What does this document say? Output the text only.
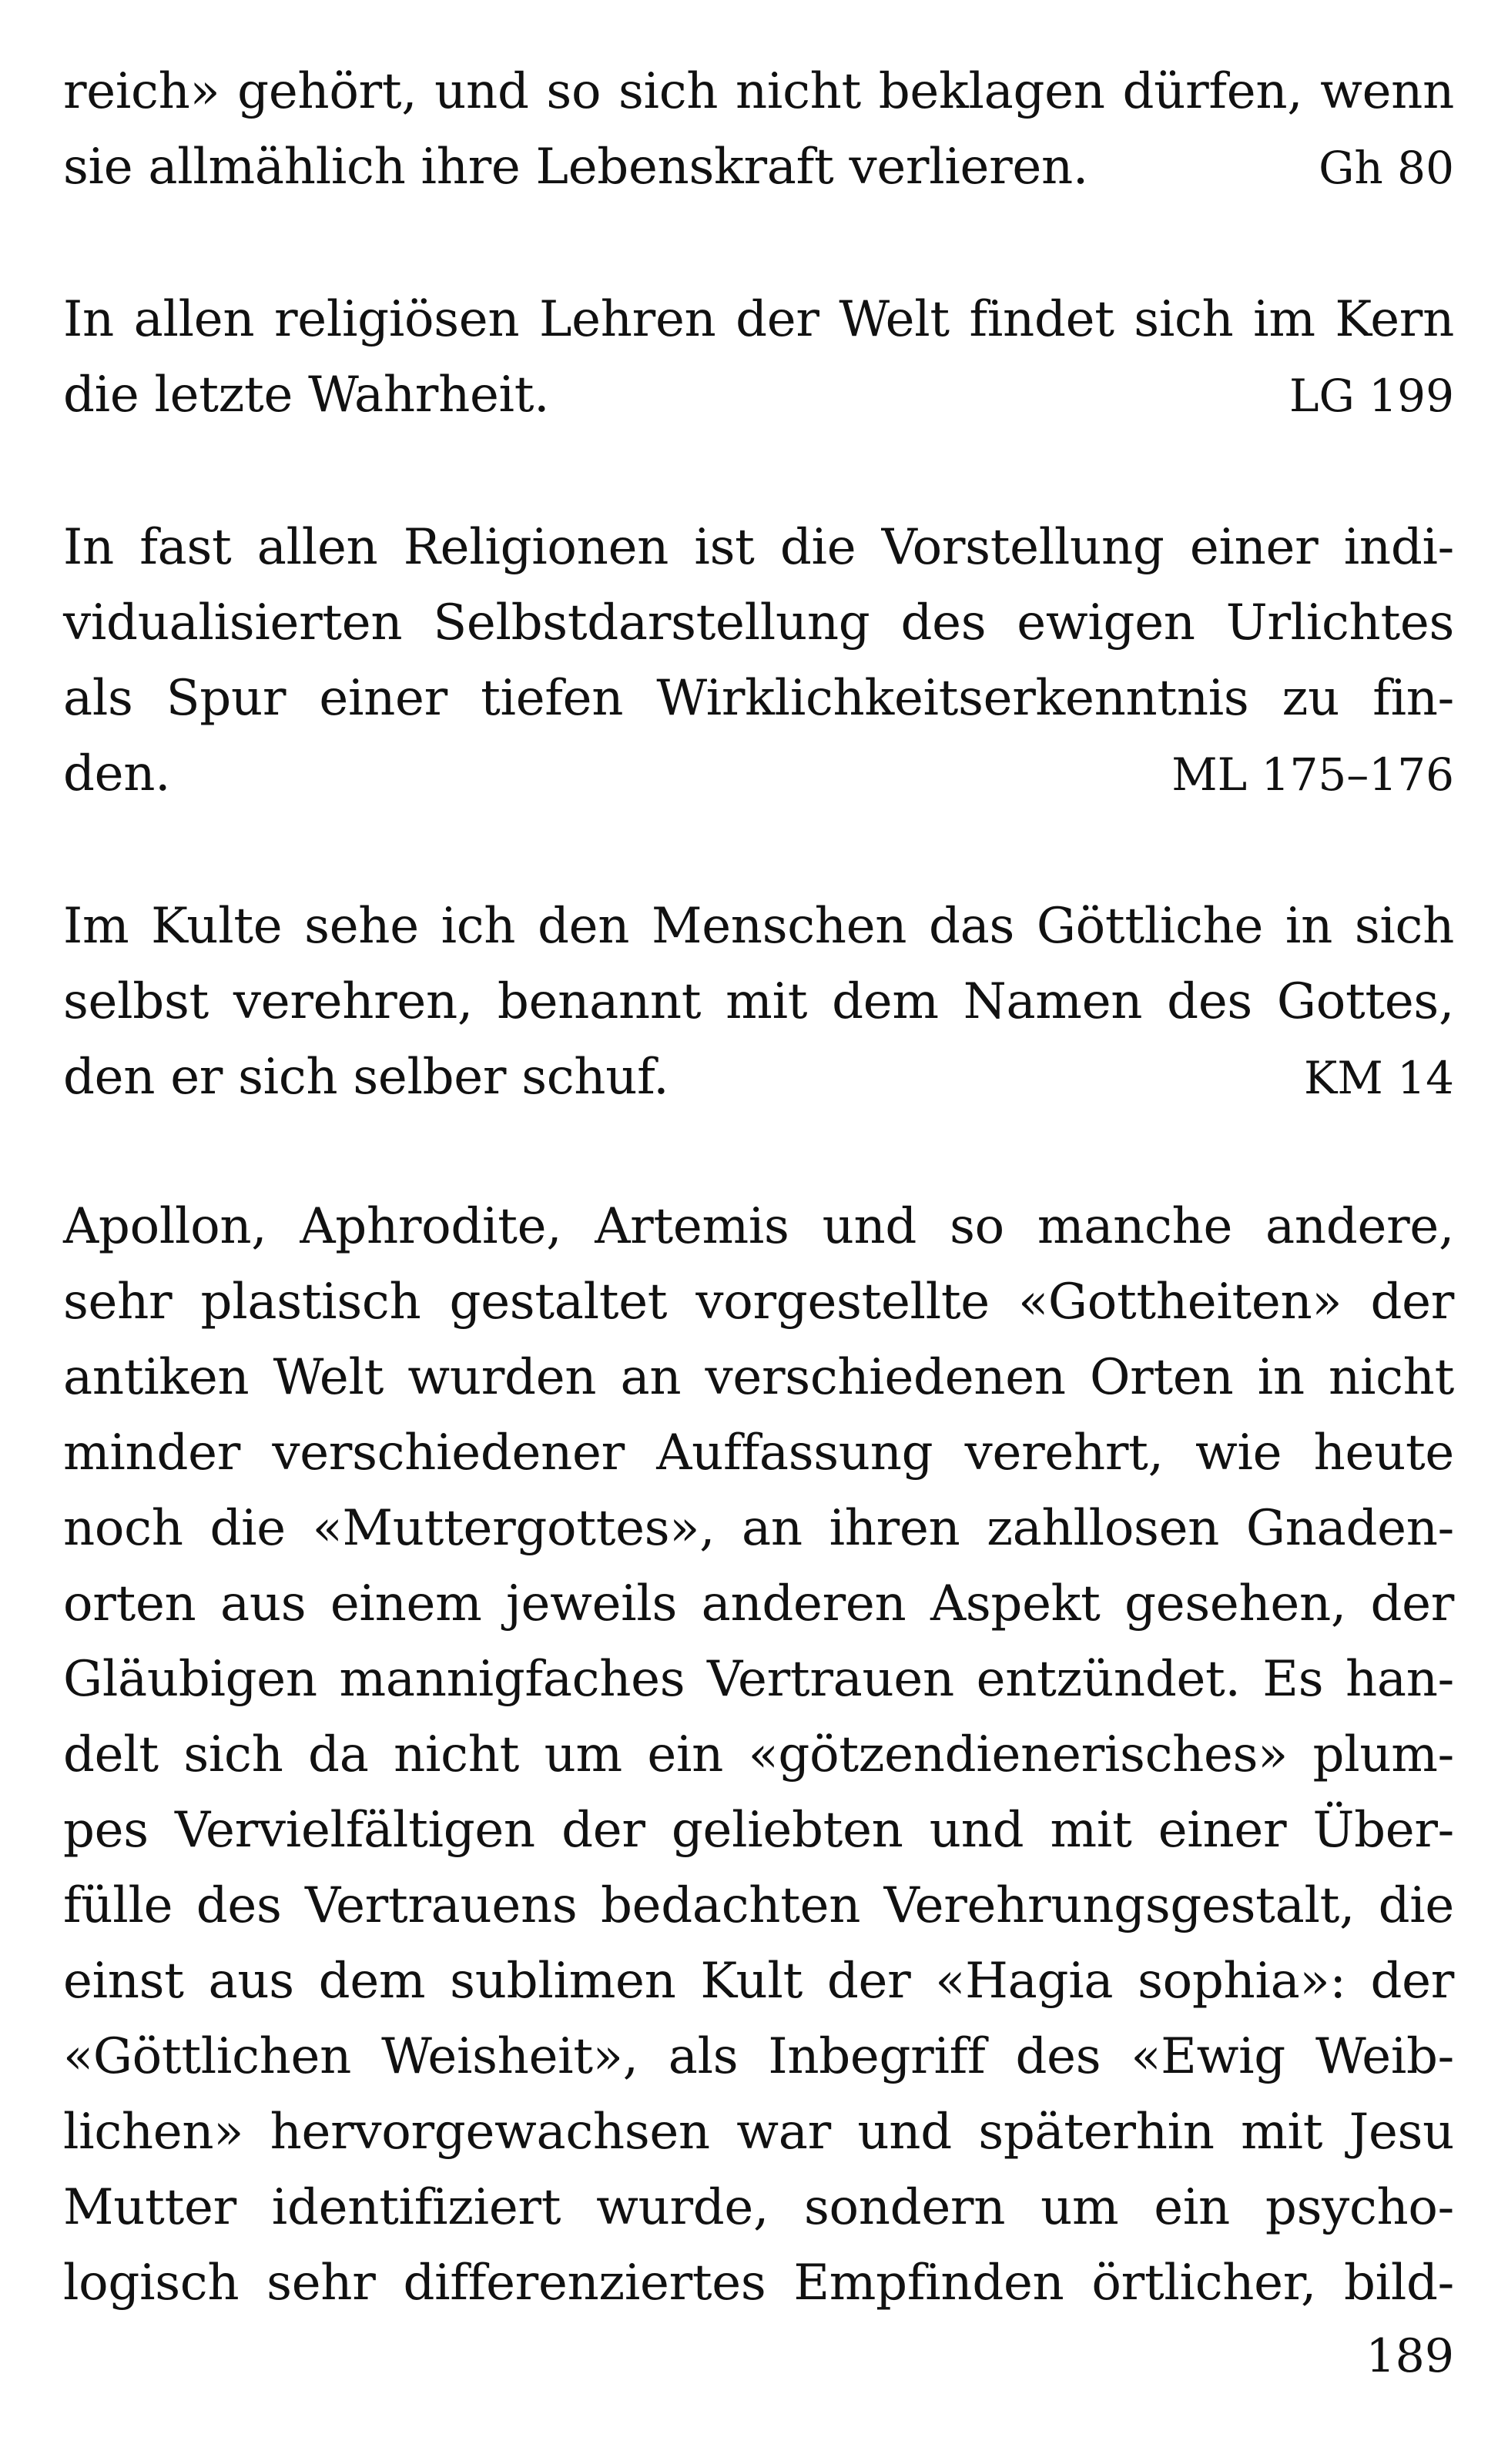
reich» gehört, und so sich nicht beklagen dürfen, wenn
sie allmählich ihre Lebenskraft verlieren.	Gh 80
In allen religiösen Lehren der Welt findet sich im Kern
die letzte Wahrheit.	LG 199
In fast allen Religionen ist die Vorstellung einer indi-
vidualisierten Selbstdarstellung des ewigen Urlichtes
als Spur einer tiefen Wirklichkeitserkenntnis zu fin-
den.	ML 175–176
Im Kulte sehe ich den Menschen das Göttliche in sich
selbst verehren, benannt mit dem Namen des Gottes,
den er sich selber schuf.	KM 14
Apollon, Aphrodite, Artemis und so manche andere,
sehr plastisch gestaltet vorgestellte «Gottheiten» der
antiken Welt wurden an verschiedenen Orten in nicht
minder verschiedener Auffassung verehrt, wie heute
noch die «Muttergottes», an ihren zahllosen Gnaden-
orten aus einem jeweils anderen Aspekt gesehen, der
Gläubigen mannigfaches Vertrauen entzündet. Es han-
delt sich da nicht um ein «götzendienerisches» plum-
pes Vervielfältigen der geliebten und mit einer Über-
fülle des Vertrauens bedachten Verehrungsgestalt, die
einst aus dem sublimen Kult der «Hagia sophia»: der
«Göttlichen Weisheit», als Inbegriff des «Ewig Weib-
lichen» hervorgewachsen war und späterhin mit Jesu
Mutter identifiziert wurde, sondern um ein psycho-
logisch sehr differenziertes Empfinden örtlicher, bild-
189
